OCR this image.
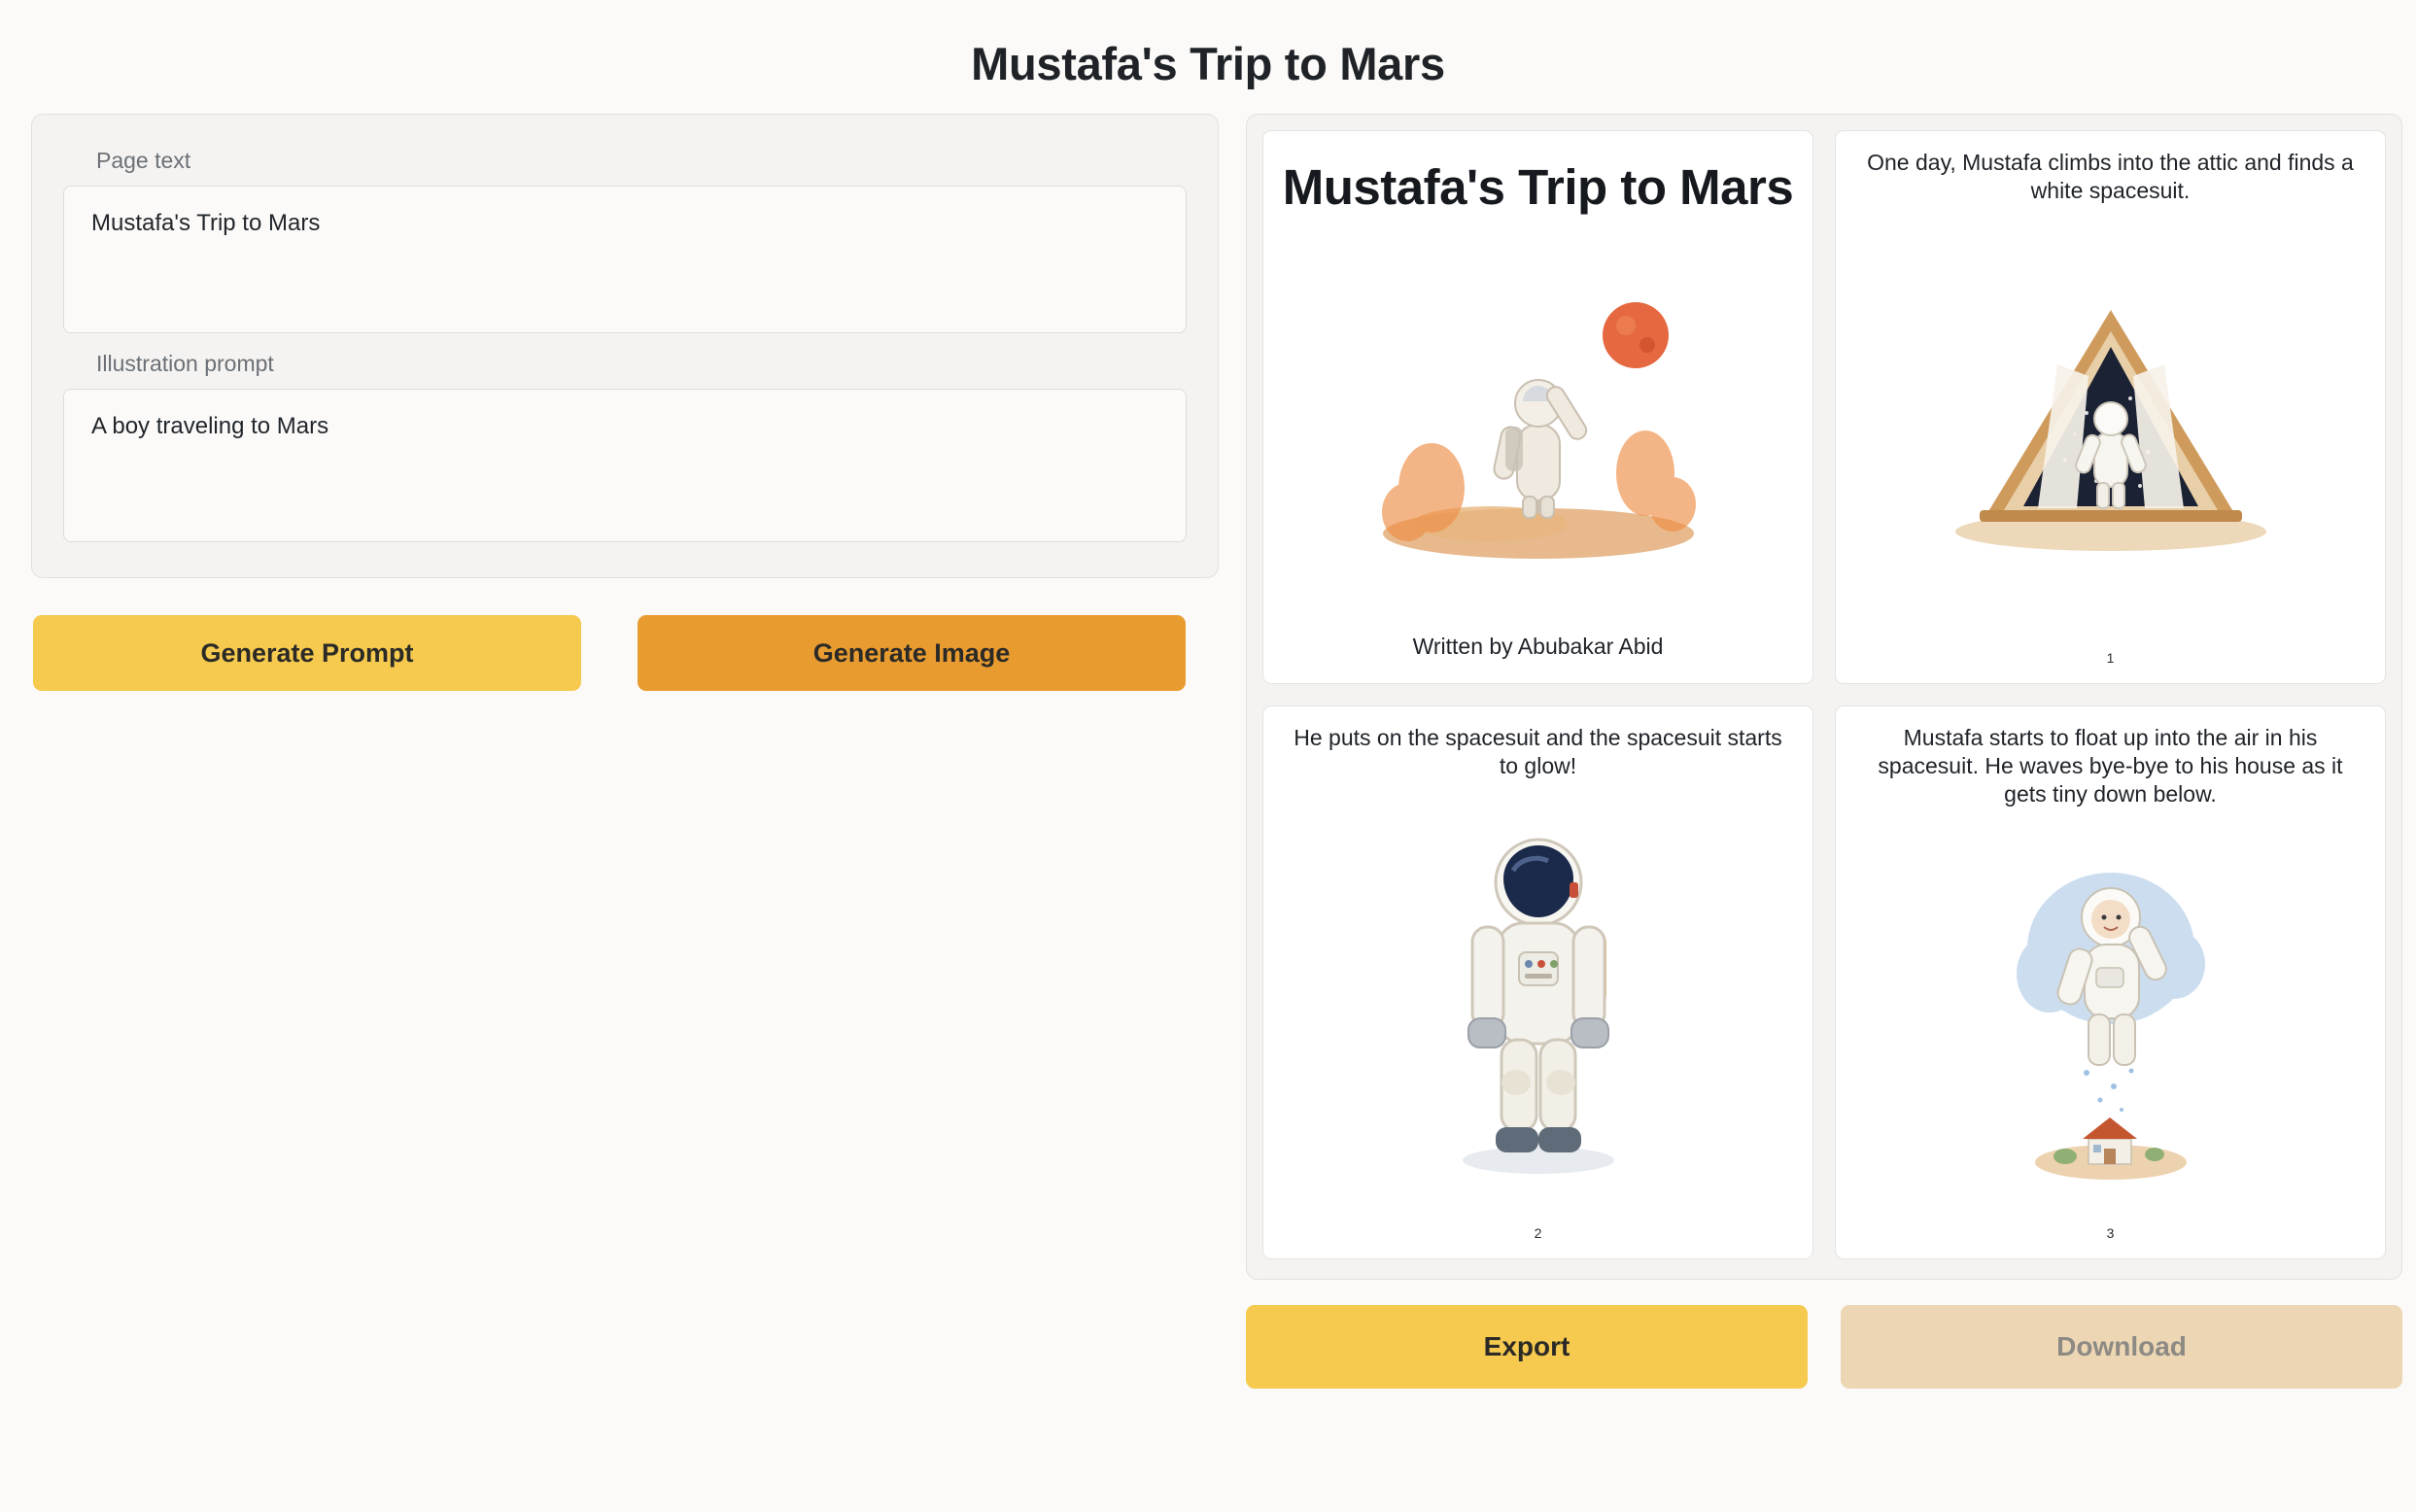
Mustafa's Trip to Mars
Page text
Mustafa's Trip to Mars
Illustration prompt
A boy traveling to Mars
Generate Prompt	Generate Image
Mustafa's Trip to Mars
Written by Abubakar Abid
One day, Mustafa climbs into the attic and finds a white spacesuit.
1
He puts on the spacesuit and the spacesuit starts to glow!
2
Mustafa starts to float up into the air in his spacesuit. He waves bye-bye to his house as it gets tiny down below.
3
Export	Download
